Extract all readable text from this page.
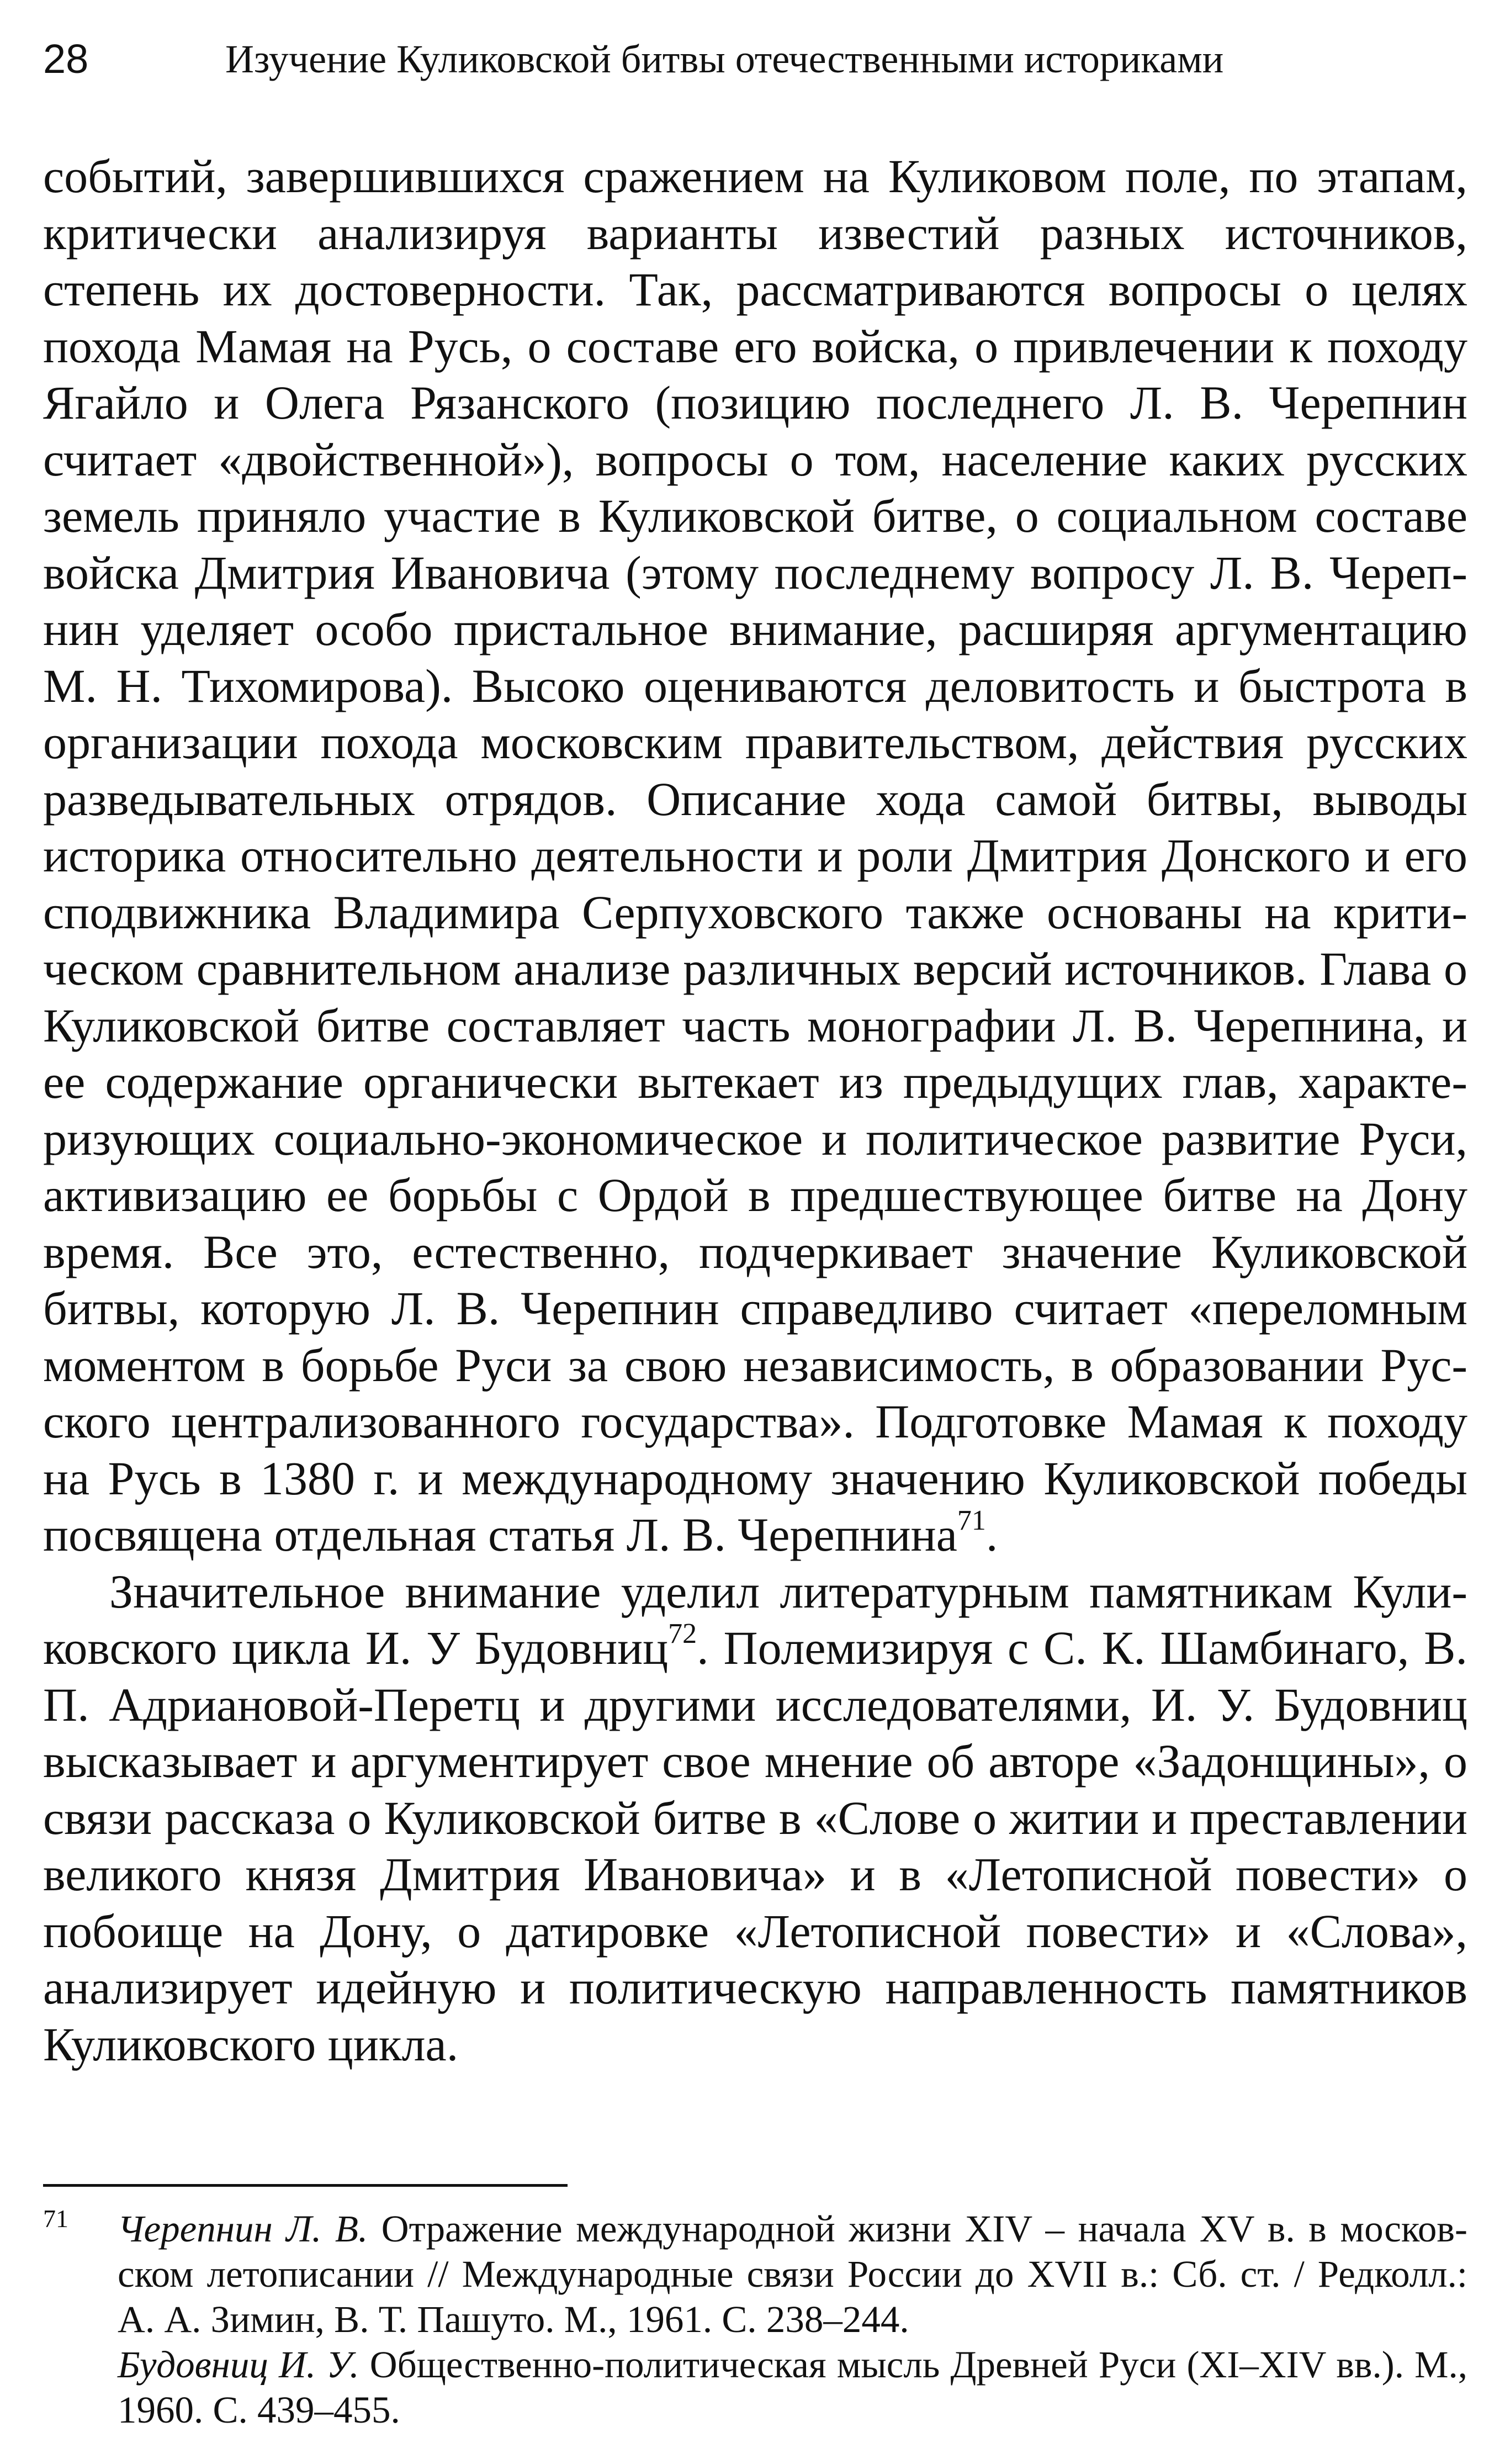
28	Изучение Куликовской битвы отечественными историками

событий, завершившихся сражением на Куликовом поле, по этапам, критически анализируя варианты известий разных источников, степень их достоверности. Так, рассматриваются вопросы о целях похода Мамая на Русь, о составе его войска, о привлечении к походу Ягайло и Олега Рязанского (позицию последнего Л. В. Черепнин считает «двойственной»), вопросы о том, население каких русских земель приняло участие в Куликовской битве, о социальном составе войска Дмитрия Ивановича (этому последнему вопросу Л. В. Черепнин уделяет особо пристальное внимание, расширяя аргументацию М. Н. Тихомирова). Высоко оцениваются деловитость и быстрота в организации похода московским правительством, действия русских разведывательных отрядов. Описание хода самой битвы, выводы историка относительно деятельности и роли Дмитрия Донского и его сподвижника Владимира Серпуховского также основаны на критическом сравнительном анализе различных версий источников. Глава о Куликовской битве составляет часть монографии Л. В. Черепнина, и ее содержание органически вытекает из предыдущих глав, характеризующих социально-экономическое и политическое развитие Руси, активизацию ее борьбы с Ордой в предшествующее битве на Дону время. Все это, естественно, подчеркивает значение Куликовской битвы, которую Л. В. Черепнин справедливо считает «переломным моментом в борьбе Руси за свою независимость, в образовании Русского централизованного государства». Подготовке Мамая к походу на Русь в 1380 г. и международному значению Куликовской победы посвящена отдельная статья Л. В. Черепнина$^{71}$.

Значительное внимание уделил литературным памятникам Куликовского цикла И. У Будовниц$^{72}$. Полемизируя с С. К. Шамбинаго, В. П. Адриановой-Перетц и другими исследователями, И. У. Будовниц высказывает и аргументирует свое мнение об авторе «Задонщины», о связи рассказа о Куликовской битве в «Слове о житии и преставлении великого князя Дмитрия Ивановича» и в «Летописной повести» о побоище на Дону, о датировке «Летописной повести» и «Слова», анализирует идейную и политическую направленность памятников Куликовского цикла.

71 Черепнин Л. В. Отражение международной жизни XIV – начала XV в. в московском летописании // Международные связи России до XVII в.: Сб. ст. / Редколл.: А. А. Зимин, В. Т. Пашуто. М., 1961. С. 238–244.

Будовниц И. У. Общественно-политическая мысль Древней Руси (XI–XIV вв.). М., 1960. С. 439–455.
